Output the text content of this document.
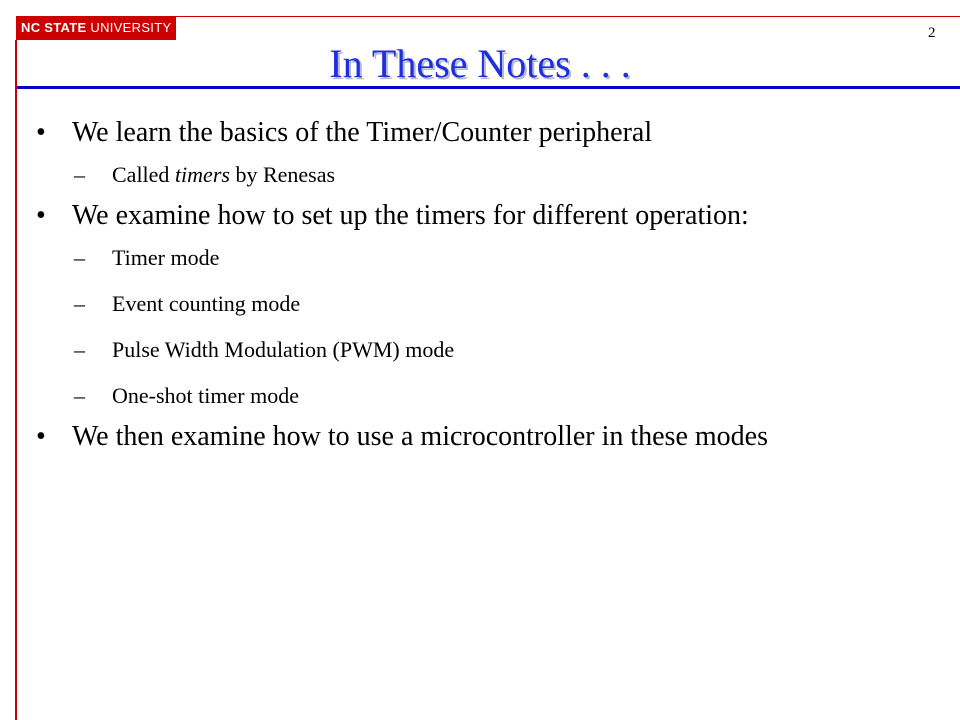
NC STATE UNIVERSITY	2
In These Notes . . .
• We learn the basics of the Timer/Counter peripheral
– Called timers by Renesas
• We examine how to set up the timers for different operation:
– Timer mode
– Event counting mode
– Pulse Width Modulation (PWM) mode
– One-shot timer mode
• We then examine how to use a microcontroller in these modes
